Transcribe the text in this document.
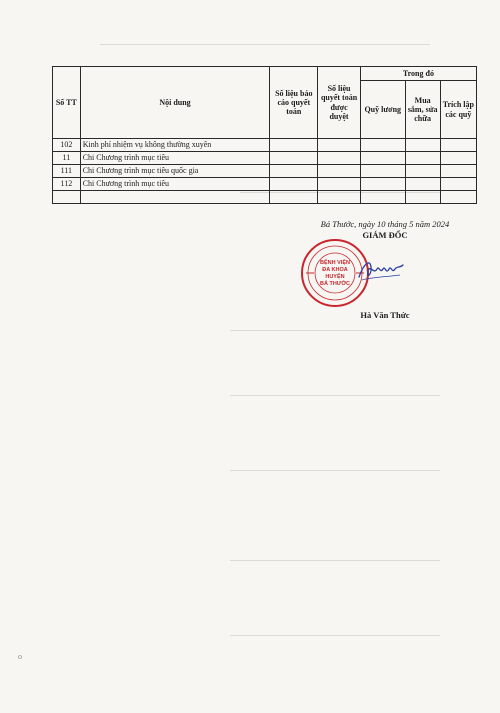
Số TT	Nội dung	Số liệu báo cáo quyết toán	Số liệu quyết toán được duyệt	Trong đó		
				Quỹ lương	Mua sắm, sửa chữa	Trích lập các quỹ
102	Kinh phí nhiệm vụ không thường xuyên					
11	Chi Chương trình mục tiêu					
111	Chi Chương trình mục tiêu quốc gia					
112	Chi Chương trình mục tiêu					

Bá Thước, ngày 10 tháng 5 năm 2024
GIÁM ĐỐC
BỆNH VIỆN
ĐA KHOA
HUYỆN
BÁ THƯỚC
Hà Văn Thức
o
